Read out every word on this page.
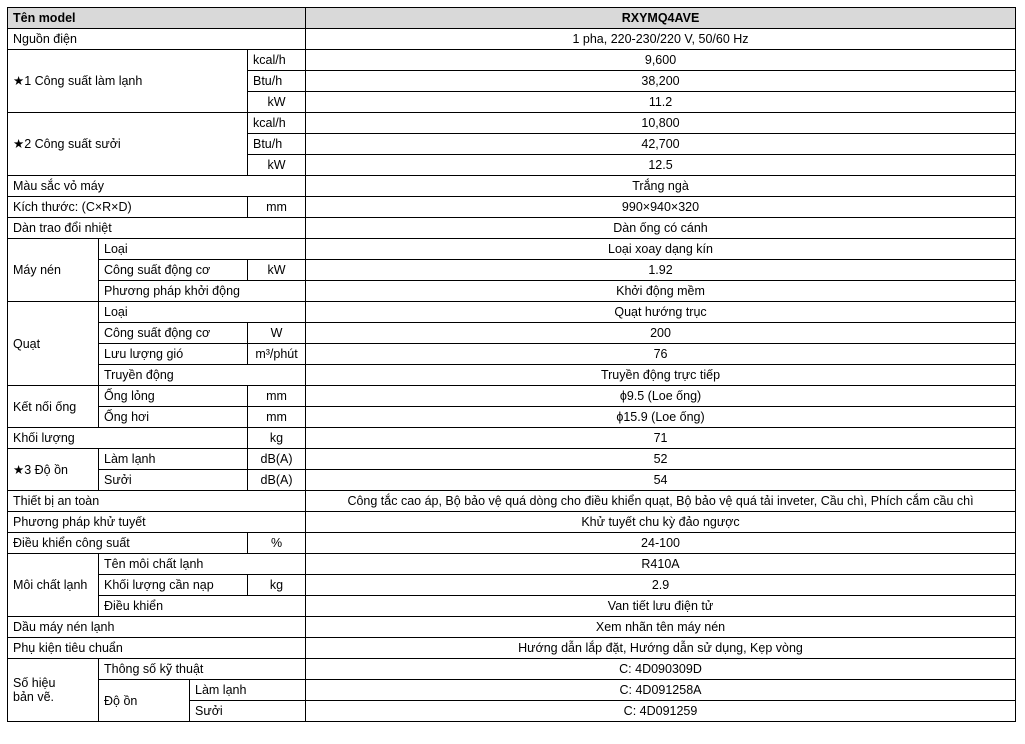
Tên model				RXYMQ4AVE
Nguồn điện				1 pha, 220-230/220 V, 50/60 Hz
★1 Công suất làm lạnh			kcal/h	9,600
			Btu/h	38,200
			kW	11.2
★2 Công suất sưởi			kcal/h	10,800
			Btu/h	42,700
			kW	12.5
Màu sắc vỏ máy				Trắng ngà
Kích thước: (C×R×D)			mm	990×940×320
Dàn trao đổi nhiệt				Dàn ống có cánh
Máy nén	Loại			Loại xoay dạng kín
	Công suất động cơ		kW	1.92
	Phương pháp khởi động			Khởi động mềm
Quạt	Loại			Quạt hướng trục
	Công suất động cơ		W	200
	Lưu lượng gió		m³/phút	76
	Truyền động			Truyền động trực tiếp
Kết nối ống	Ống lỏng		mm	ϕ9.5 (Loe ống)
	Ống hơi		mm	ϕ15.9 (Loe ống)
Khối lượng			kg	71
★3 Độ ồn	Làm lạnh		dB(A)	52
	Sưởi		dB(A)	54
Thiết bị an toàn				Công tắc cao áp, Bộ bảo vệ quá dòng cho điều khiển quạt, Bộ bảo vệ quá tải inveter, Cầu chì, Phích cắm cầu chì
Phương pháp khử tuyết				Khử tuyết chu kỳ đảo ngược
Điều khiển công suất			%	24-100
Môi chất lạnh	Tên môi chất lạnh			R410A
	Khối lượng cần nạp		kg	2.9
	Điều khiển			Van tiết lưu điện tử
Dầu máy nén lạnh				Xem nhãn tên máy nén
Phụ kiện tiêu chuẩn				Hướng dẫn lắp đặt, Hướng dẫn sử dụng, Kẹp vòng
Số hiệu
bản vẽ.	Thông số kỹ thuật			C: 4D090309D
	Độ ồn	Làm lạnh		C: 4D091258A
		Sưởi		C: 4D091259
